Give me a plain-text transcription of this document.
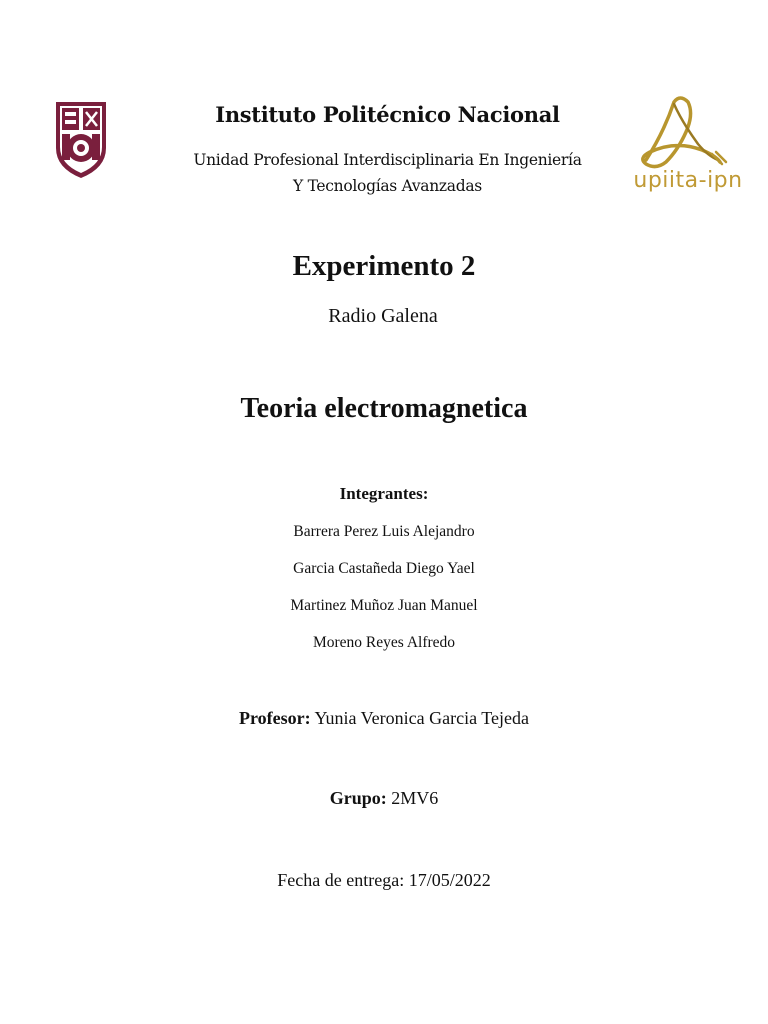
upiita-ipn
Instituto Politécnico Nacional
Unidad Profesional Interdisciplinaria En Ingeniería
Y Tecnologías Avanzadas
Experimento 2
Radio Galena
Teoria electromagnetica
Integrantes:
Barrera Perez Luis Alejandro
Garcia Castañeda Diego Yael
Martinez Muñoz Juan Manuel
Moreno Reyes Alfredo
Profesor: Yunia Veronica Garcia Tejeda
Grupo: 2MV6
Fecha de entrega: 17/05/2022
